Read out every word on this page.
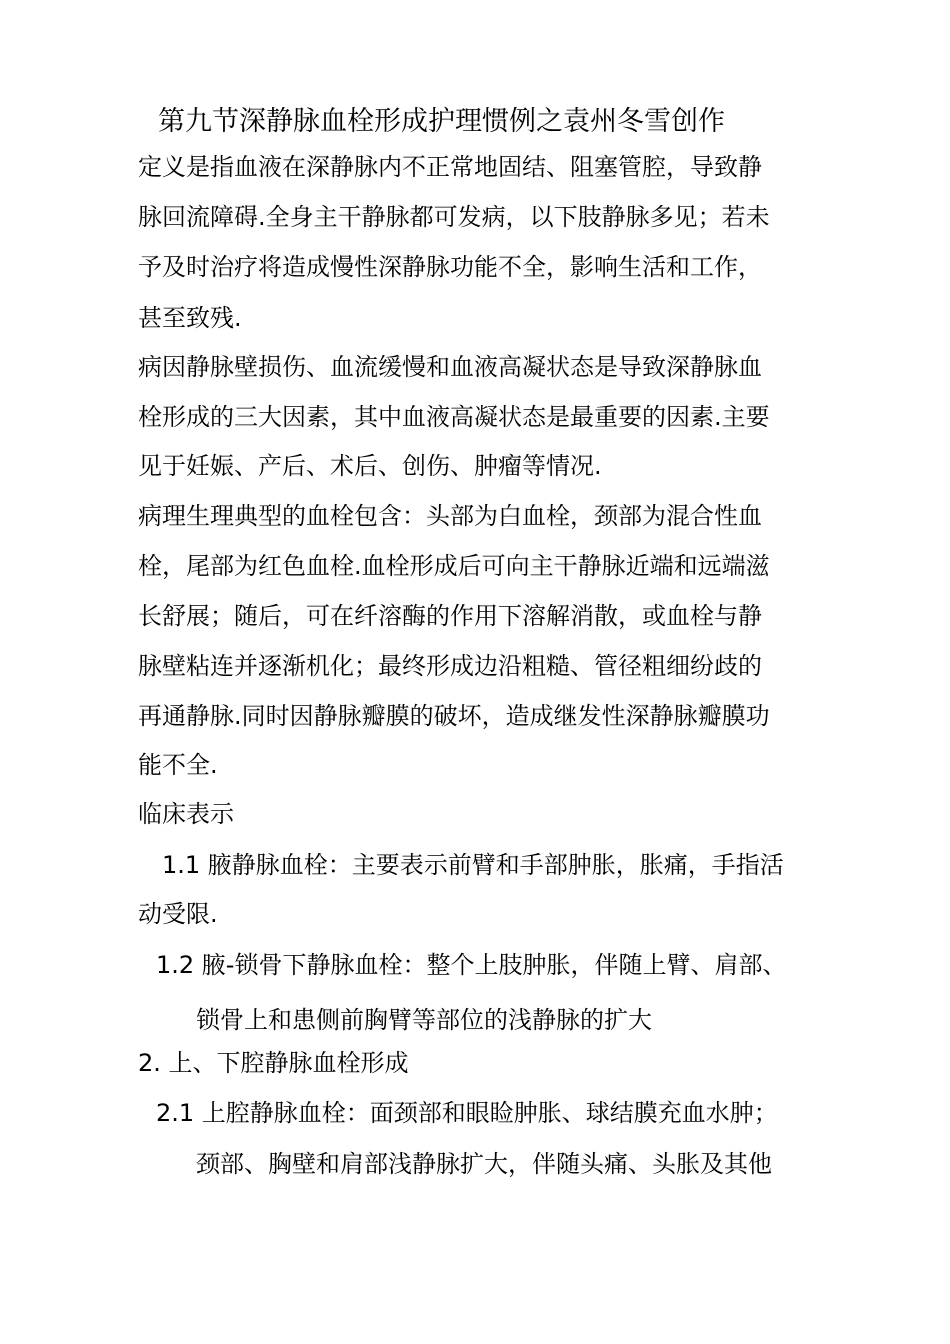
第九节深静脉血栓形成护理惯例之袁州冬雪创作

定义是指血液在深静脉内不正常地固结、阻塞管腔，导致静

脉回流障碍.全身主干静脉都可发病，以下肢静脉多见；若未

予及时治疗将造成慢性深静脉功能不全，影响生活和工作，

甚至致残.

病因静脉壁损伤、血流缓慢和血液高凝状态是导致深静脉血

栓形成的三大因素，其中血液高凝状态是最重要的因素.主要

见于妊娠、产后、术后、创伤、肿瘤等情况.

病理生理典型的血栓包含：头部为白血栓，颈部为混合性血

栓，尾部为红色血栓.血栓形成后可向主干静脉近端和远端滋

长舒展；随后，可在纤溶酶的作用下溶解消散，或血栓与静

脉壁粘连并逐渐机化；最终形成边沿粗糙、管径粗细纷歧的

再通静脉.同时因静脉瓣膜的破坏，造成继发性深静脉瓣膜功

能不全.

临床表示

1.1 腋静脉血栓：主要表示前臂和手部肿胀，胀痛，手指活

动受限.

1.2 腋-锁骨下静脉血栓：整个上肢肿胀，伴随上臂、肩部、

锁骨上和患侧前胸臂等部位的浅静脉的扩大

2. 上、下腔静脉血栓形成

2.1 上腔静脉血栓：面颈部和眼睑肿胀、球结膜充血水肿；

颈部、胸壁和肩部浅静脉扩大，伴随头痛、头胀及其他
